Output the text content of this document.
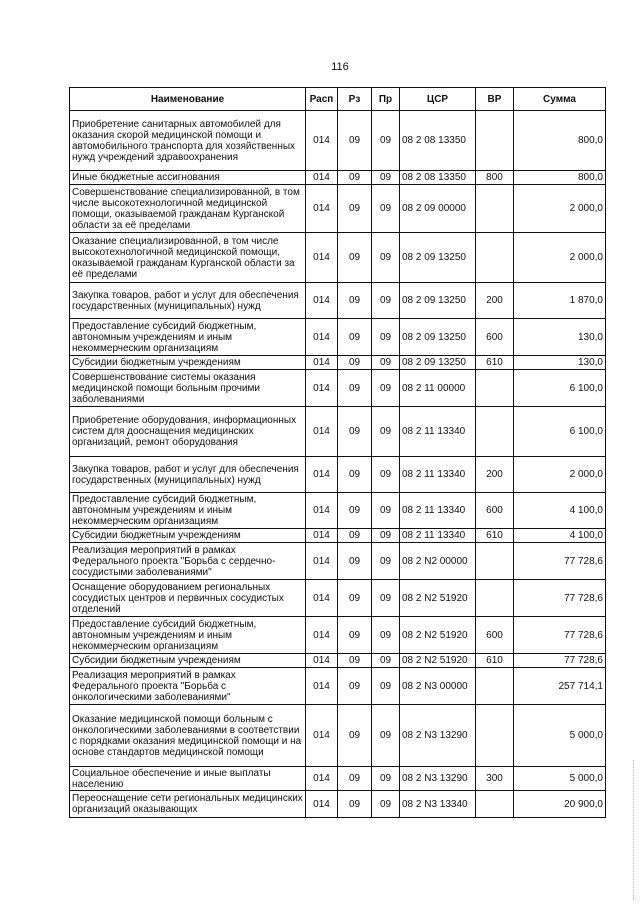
116
Наименование	Расп	Рз	Пр	ЦСР	ВР	Сумма
Приобретение санитарных автомобилей для оказания скорой медицинской помощи и автомобильного транспорта для хозяйственных нужд учреждений здравоохранения	014	09	09	08 2 08 13350		800,0
Иные бюджетные ассигнования	014	09	09	08 2 08 13350	800	800,0
Совершенствование специализированной, в том числе высокотехнологичной медицинской помощи, оказываемой гражданам Курганской области за её пределами	014	09	09	08 2 09 00000		2 000,0
Оказание специализированной, в том числе высокотехнологичной медицинской помощи, оказываемой гражданам Курганской области за её пределами	014	09	09	08 2 09 13250		2 000,0
Закупка товаров, работ и услуг для обеспечения государственных (муниципальных) нужд	014	09	09	08 2 09 13250	200	1 870,0
Предоставление субсидий бюджетным, автономным учреждениям и иным некоммерческим организациям	014	09	09	08 2 09 13250	600	130,0
Субсидии бюджетным учреждениям	014	09	09	08 2 09 13250	610	130,0
Совершенствование системы оказания медицинской помощи больным прочими заболеваниями	014	09	09	08 2 11 00000		6 100,0
Приобретение оборудования, информационных систем для дооснащения медицинских организаций, ремонт оборудования	014	09	09	08 2 11 13340		6 100,0
Закупка товаров, работ и услуг для обеспечения государственных (муниципальных) нужд	014	09	09	08 2 11 13340	200	2 000,0
Предоставление субсидий бюджетным, автономным учреждениям и иным некоммерческим организациям	014	09	09	08 2 11 13340	600	4 100,0
Субсидии бюджетным учреждениям	014	09	09	08 2 11 13340	610	4 100,0
Реализация мероприятий в рамках Федерального проекта "Борьба с сердечно-сосудистыми заболеваниями"	014	09	09	08 2 N2 00000		77 728,6
Оснащение оборудованием региональных сосудистых центров и первичных сосудистых отделений	014	09	09	08 2 N2 51920		77 728,6
Предоставление субсидий бюджетным, автономным учреждениям и иным некоммерческим организациям	014	09	09	08 2 N2 51920	600	77 728,6
Субсидии бюджетным учреждениям	014	09	09	08 2 N2 51920	610	77 728,6
Реализация мероприятий в рамках Федерального проекта "Борьба с онкологическими заболеваниями"	014	09	09	08 2 N3 00000		257 714,1
Оказание медицинской помощи больным с онкологическими заболеваниями в соответствии с порядками оказания медицинской помощи и на основе стандартов медицинской помощи	014	09	09	08 2 N3 13290		5 000,0
Социальное обеспечение и иные выплаты населению	014	09	09	08 2 N3 13290	300	5 000,0
Переоснащение сети региональных медицинских организаций оказывающих	014	09	09	08 2 N3 13340		20 900,0
